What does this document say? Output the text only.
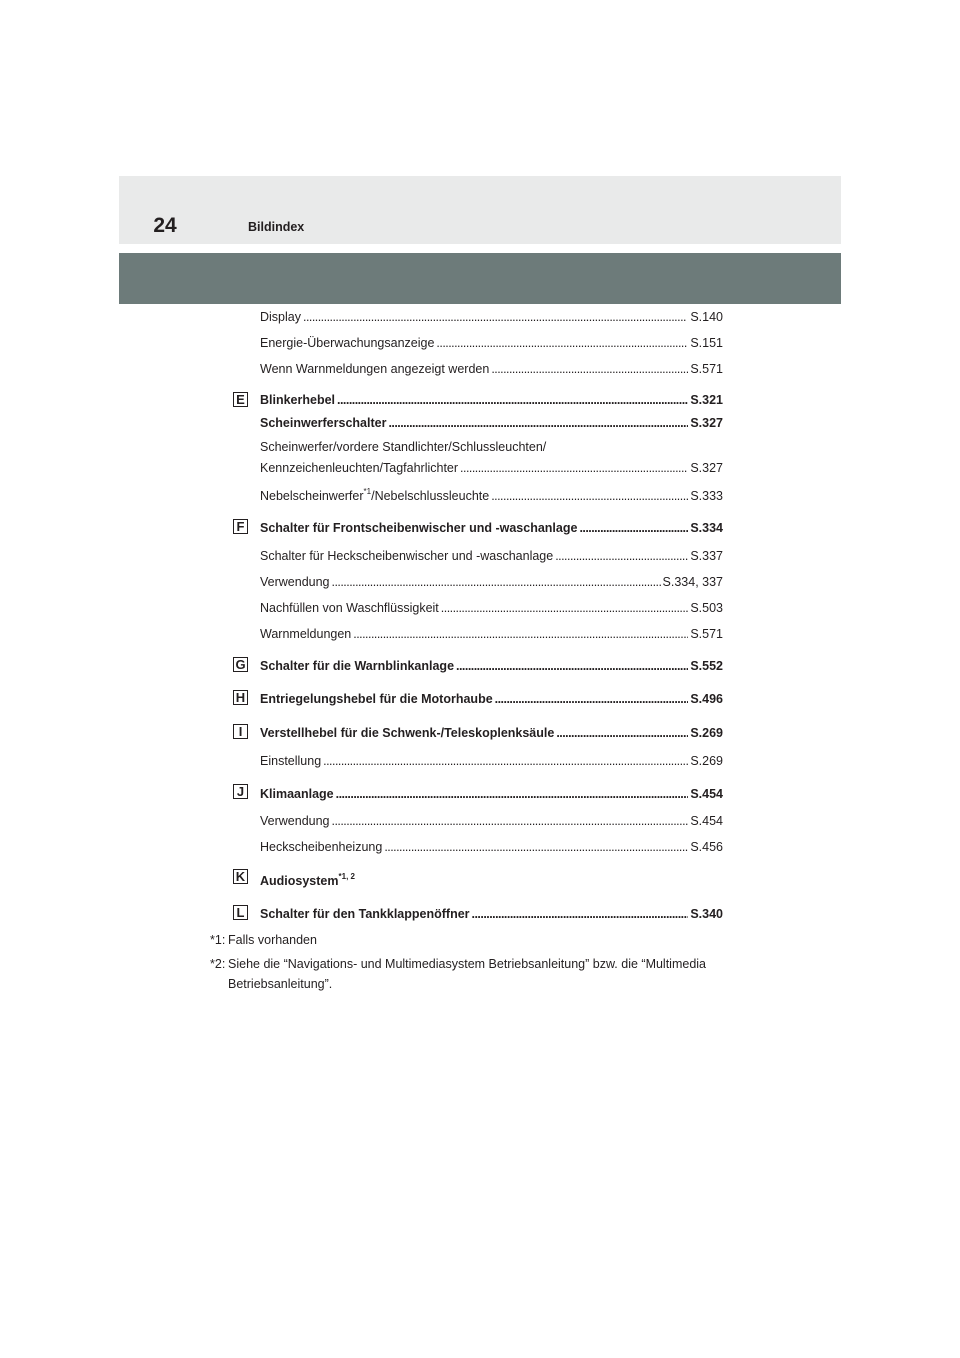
24	Bildindex
Display . . .	S.140
Energie-Überwachungsanzeige . . .	S.151
Wenn Warnmeldungen angezeigt werden . . .	S.571
E Blinkerhebel . . .	S.321
Scheinwerferschalter . . .	S.327
Scheinwerfer/vordere Standlichter/Schlussleuchten/
Kennzeichenleuchten/Tagfahrlichter . . .	S.327
Nebelscheinwerfer$^{*1}$/Nebelschlussleuchte . . .	S.333
F Schalter für Frontscheibenwischer und -waschanlage . . .	S.334
Schalter für Heckscheibenwischer und -waschanlage . . .	S.337
Verwendung . . .	S.334, 337
Nachfüllen von Waschflüssigkeit . . .	S.503
Warnmeldungen . . .	S.571
G Schalter für die Warnblinkanlage . . .	S.552
H Entriegelungshebel für die Motorhaube . . .	S.496
I	Verstellhebel für die Schwenk-/Teleskoplenksäule . . .	S.269
Einstellung . . .	S.269
J	Klimaanlage . . .	S.454
Verwendung . . .	S.454
Heckscheibenheizung . . .	S.456
K Audiosystem$^{*1, 2}$
L Schalter für den Tankklappenöffner . . .	S.340
*1: Falls vorhanden
*2: Siehe die “Navigations- und Multimediasystem Betriebsanleitung” bzw. die “Multimedia Betriebsanleitung”.
